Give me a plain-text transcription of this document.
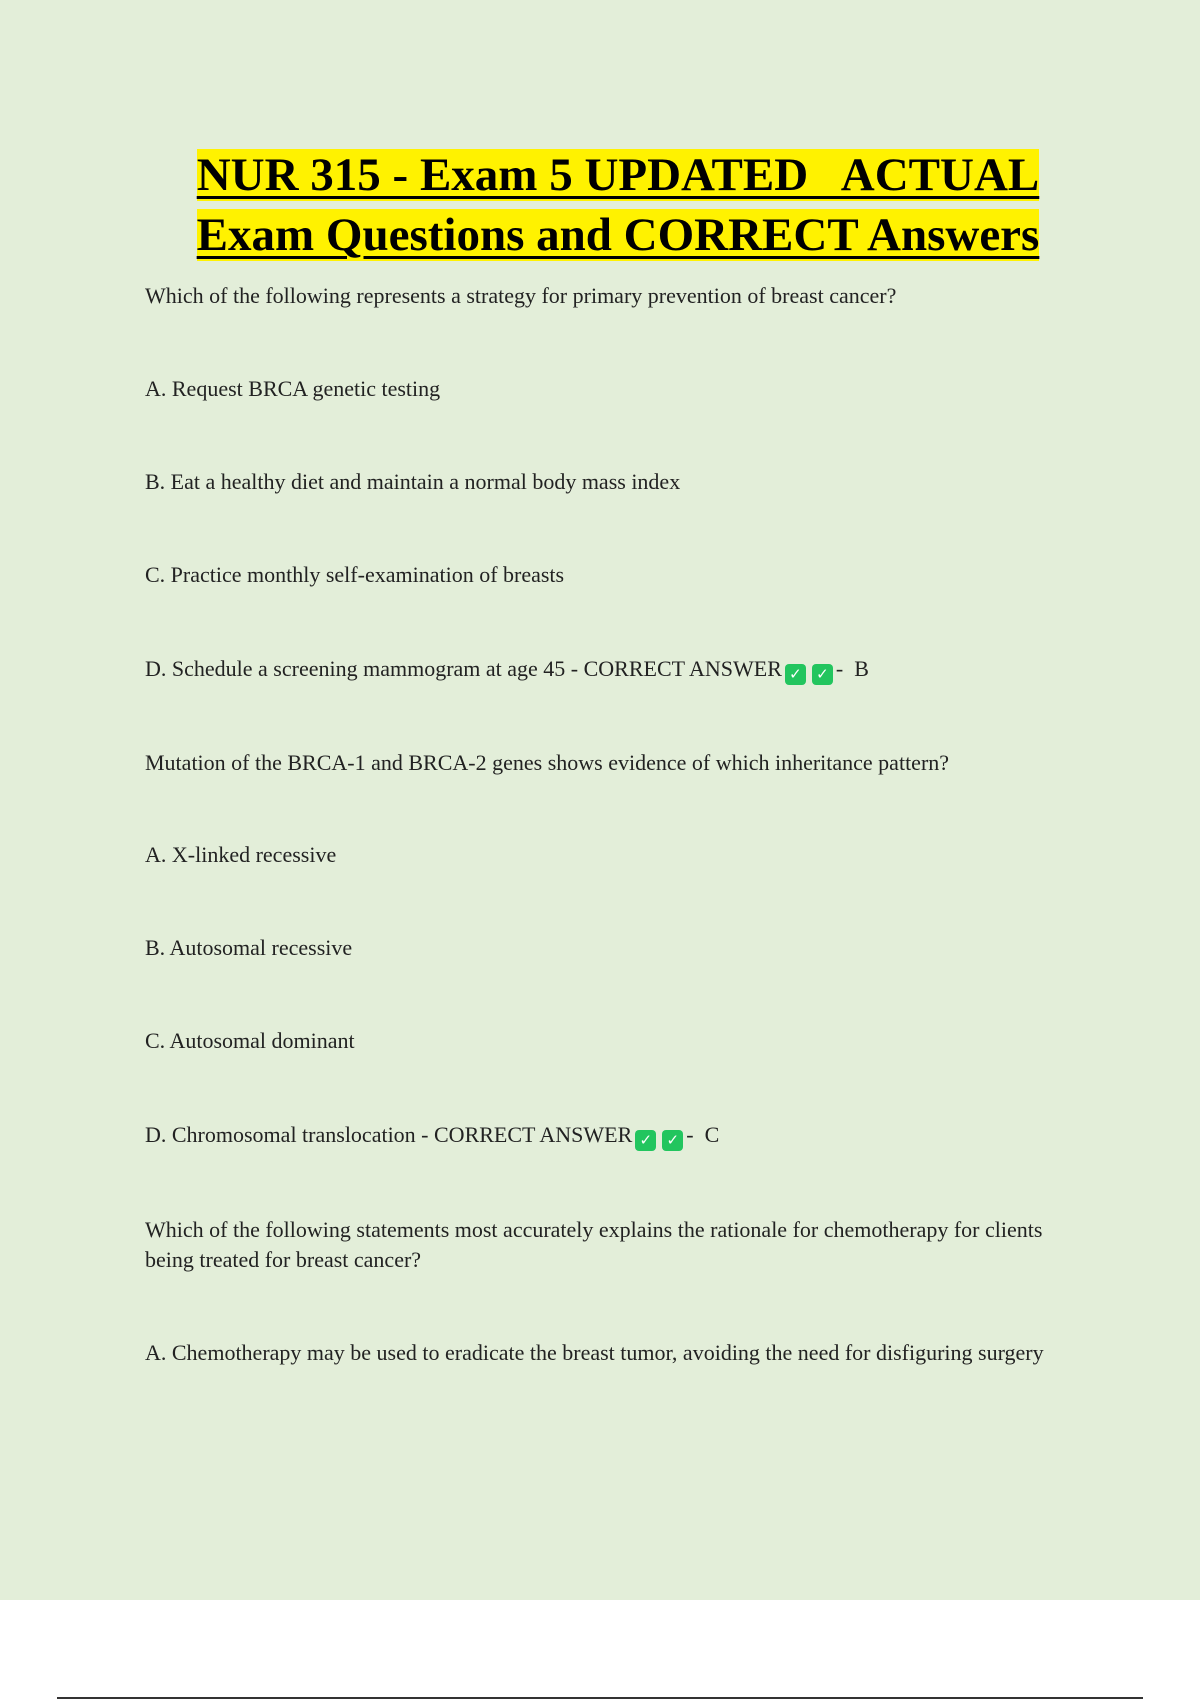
NUR 315 - Exam 5 UPDATED   ACTUAL
Exam Questions and CORRECT Answers
Which of the following represents a strategy for primary prevention of breast cancer?
A. Request BRCA genetic testing
B. Eat a healthy diet and maintain a normal body mass index
C. Practice monthly self-examination of breasts
D. Schedule a screening mammogram at age 45 - CORRECT ANSWER ✓ ✓ -  B
Mutation of the BRCA-1 and BRCA-2 genes shows evidence of which inheritance pattern?
A. X-linked recessive
B. Autosomal recessive
C. Autosomal dominant
D. Chromosomal translocation - CORRECT ANSWER ✓ ✓ -  C
Which of the following statements most accurately explains the rationale for chemotherapy for clients being treated for breast cancer?
A. Chemotherapy may be used to eradicate the breast tumor, avoiding the need for disfiguring surgery
